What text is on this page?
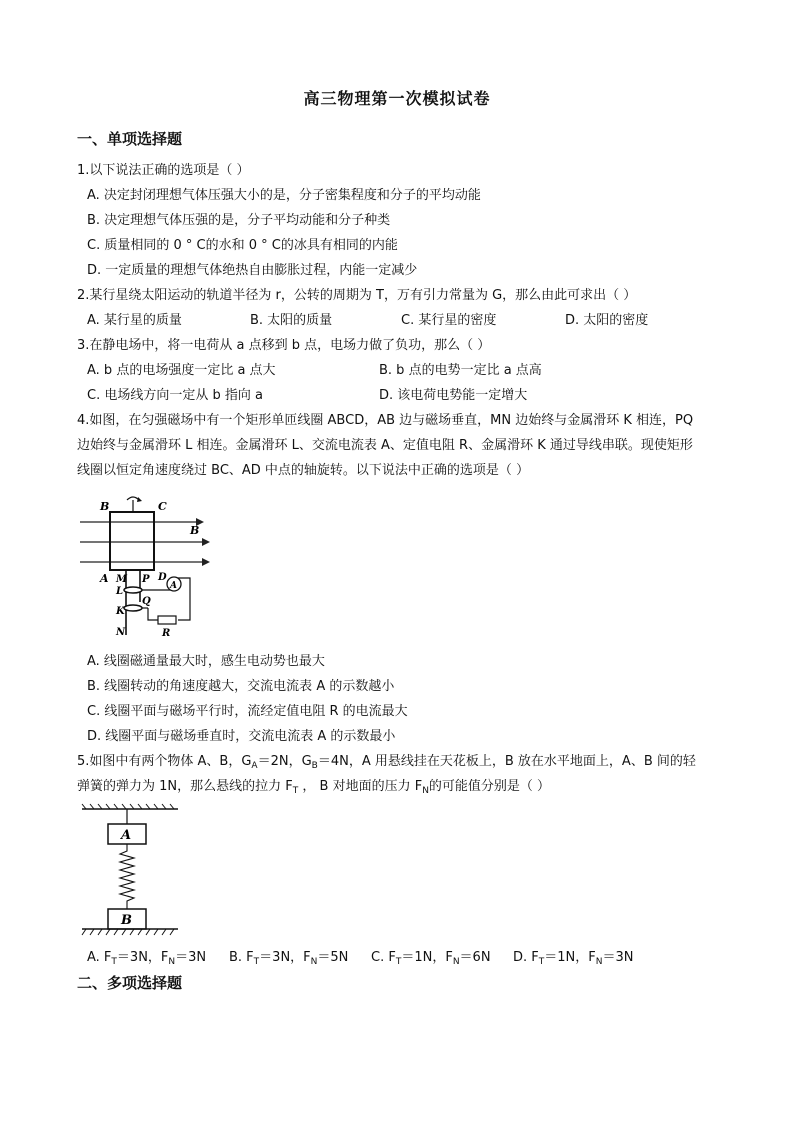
高三物理第一次模拟试卷
一、单项选择题
1.以下说法正确的选项是（ ）
A. 决定封闭理想气体压强大小的是，分子密集程度和分子的平均动能
B. 决定理想气体压强的是，分子平均动能和分子种类
C. 质量相同的 0 ° C的水和 0 ° C的冰具有相同的内能
D. 一定质量的理想气体绝热自由膨胀过程，内能一定减少
2.某行星绕太阳运动的轨道半径为 r，公转的周期为 T，万有引力常量为 G，那么由此可求出（ ）
A. 某行星的质量	B. 太阳的质量	C. 某行星的密度	D. 太阳的密度
3.在静电场中，将一电荷从 a 点移到 b 点，电场力做了负功，那么（ ）
A. b 点的电场强度一定比 a 点大	B. b 点的电势一定比 a 点高
C. 电场线方向一定从 b 指向 a	D. 该电荷电势能一定增大
4.如图，在匀强磁场中有一个矩形单匝线圈 ABCD，AB 边与磁场垂直，MN 边始终与金属滑环 K 相连，PQ
边始终与金属滑环 L 相连。金属滑环 L、交流电流表 A、定值电阻 R、金属滑环 K 通过导线串联。现使矩形
线圈以恒定角速度绕过 BC、AD 中点的轴旋转。以下说法中正确的选项是（ ）
B	C
B
A M P D
L
Q
K
N	R
A
A. 线圈磁通量最大时，感生电动势也最大
B. 线圈转动的角速度越大，交流电流表 A 的示数越小
C. 线圈平面与磁场平行时，流经定值电阻 R 的电流最大
D. 线圈平面与磁场垂直时，交流电流表 A 的示数最小
5.如图中有两个物体 A、B，$G_A=2N$，$G_B=4N$，A 用悬线挂在天花板上，B 放在水平地面上，A、B 间的轻
弹簧的弹力为 1N，那么悬线的拉力 $F_T$ ， B 对地面的压力 $F_N$的可能值分别是（ ）
A
B
A. $F_T=3N$，$F_N=3N$ B. $F_T=3N$，$F_N=5N$ C. $F_T=1N$，$F_N=6N$ D. $F_T=1N$，$F_N=3N$
二、多项选择题
